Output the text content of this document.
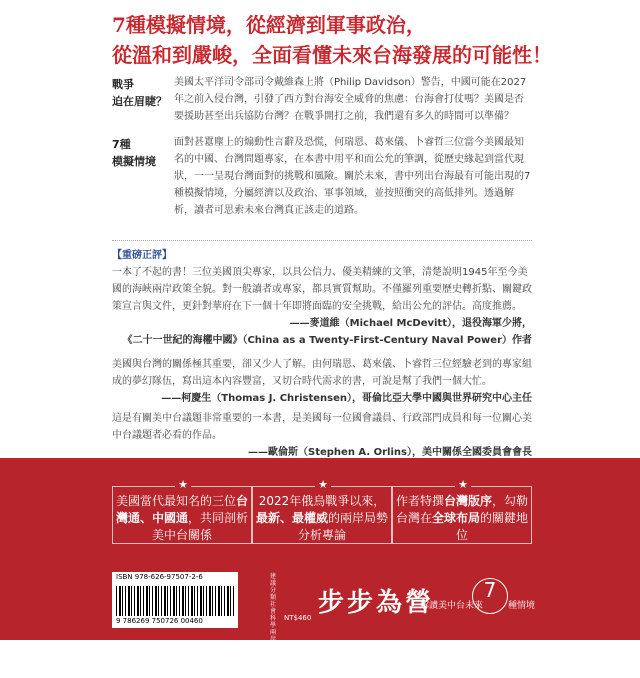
7種模擬情境，從經濟到軍事政治，
從溫和到嚴峻，全面看懂未來台海發展的可能性！
戰爭
迫在眉睫？
美國太平洋司令部司令戴維森上將（Philip Davidson）警告，中國可能在2027年之前入侵台灣，引發了西方對台海安全威脅的焦慮：台海會打仗嗎？美國是否要援助甚至出兵協防台灣？在戰爭開打之前，我們還有多久的時間可以準備？
7種
模擬情境
面對甚囂塵上的煽動性言辭及恐慌，何瑞恩、葛來儀、卜睿哲三位當今美國最知名的中國、台灣問題專家，在本書中用平和而公允的筆調，從歷史緣起到當代現狀，一一呈現台灣面對的挑戰和風險。關於未來，書中列出台海最有可能出現的7種模擬情境，分屬經濟以及政治、軍事領域，並按照衝突的高低排列。透過解析，讀者可思索未來台灣真正該走的道路。
【重磅正評】
一本了不起的書！三位美國頂尖專家，以具公信力、優美精練的文筆，清楚說明1945年至今美國的海峽兩岸政策全貌。對一般讀者或專家，都具實質幫助。不僅羅列重要歷史轉折點、關鍵政策宣言與文件，更針對華府在下一個十年即將面臨的安全挑戰，給出公允的評估。高度推薦。
——麥道維（Michael McDevitt），退役海軍少將，
《二十一世紀的海權中國》（China as a Twenty-First-Century Naval Power）作者
美國與台灣的關係極其重要，卻又少人了解。由何瑞恩、葛來儀、卜睿哲三位經驗老到的專家組成的夢幻隊伍，寫出這本內容豐富，又切合時代需求的書，可說是幫了我們一個大忙。
——柯慶生（Thomas J. Christensen），哥倫比亞大學中國與世界研究中心主任
這是有關美中台議題非常重要的一本書，是美國每一位國會議員、行政部門成員和每一位關心美中台議題者必看的作品。
——歐倫斯（Stephen A. Orlins），美中關係全國委員會會長
★
美國當代最知名的三位台灣通、中國通，共同剖析美中台關係
★
2022年俄烏戰爭以來，最新、最權威的兩岸局勢分析專論
★
作者特撰台灣版序，勾勒台灣在全球布局的關鍵地位
ISBN 978-626-97507-2-6
9 786269 750726 00460
建議分類 社會科學 兩岸與國際局勢
NT$460 步步為營
解讀美中台未來
7
種情境
